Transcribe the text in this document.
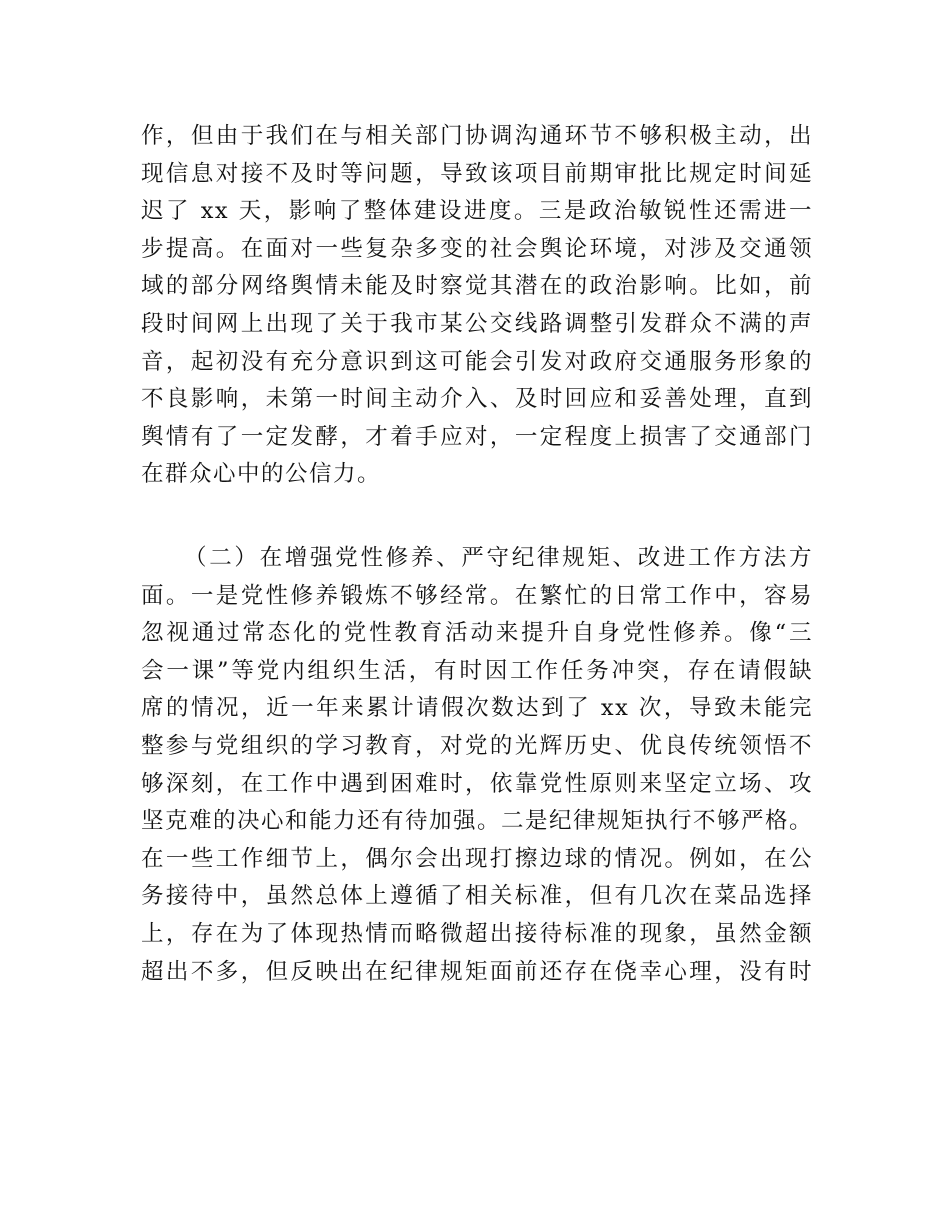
作，但由于我们在与相关部门协调沟通环节不够积极主动，出
现信息对接不及时等问题，导致该项目前期审批比规定时间延
迟了 xx 天，影响了整体建设进度。三是政治敏锐性还需进一
步提高。在面对一些复杂多变的社会舆论环境，对涉及交通领
域的部分网络舆情未能及时察觉其潜在的政治影响。比如，前
段时间网上出现了关于我市某公交线路调整引发群众不满的声
音，起初没有充分意识到这可能会引发对政府交通服务形象的
不良影响，未第一时间主动介入、及时回应和妥善处理，直到
舆情有了一定发酵，才着手应对，一定程度上损害了交通部门
在群众心中的公信力。
（二）在增强党性修养、严守纪律规矩、改进工作方法方
面。一是党性修养锻炼不够经常。在繁忙的日常工作中，容易
忽视通过常态化的党性教育活动来提升自身党性修养。像“三
会一课”等党内组织生活，有时因工作任务冲突，存在请假缺
席的情况，近一年来累计请假次数达到了 xx 次，导致未能完
整参与党组织的学习教育，对党的光辉历史、优良传统领悟不
够深刻，在工作中遇到困难时，依靠党性原则来坚定立场、攻
坚克难的决心和能力还有待加强。二是纪律规矩执行不够严格。
在一些工作细节上，偶尔会出现打擦边球的情况。例如，在公
务接待中，虽然总体上遵循了相关标准，但有几次在菜品选择
上，存在为了体现热情而略微超出接待标准的现象，虽然金额
超出不多，但反映出在纪律规矩面前还存在侥幸心理，没有时
